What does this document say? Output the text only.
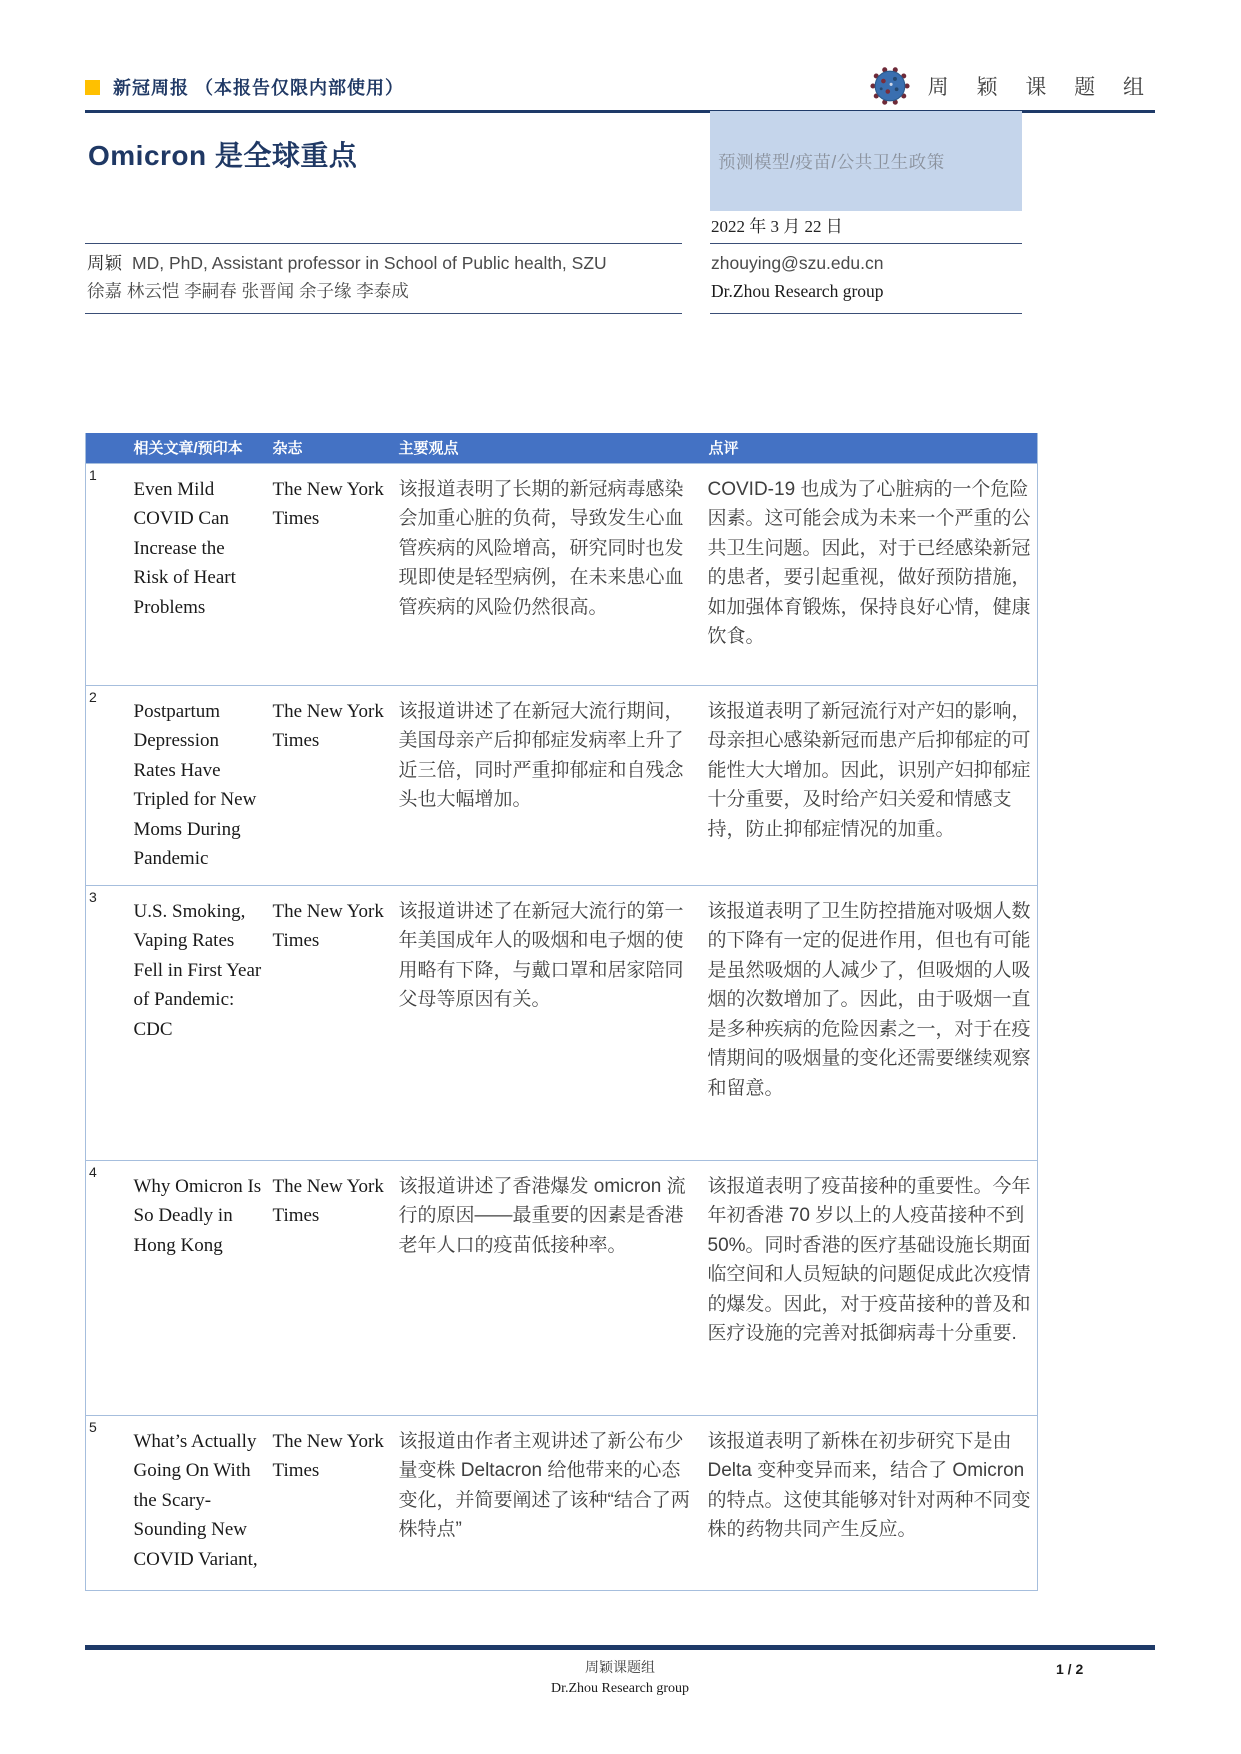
新冠周报 （本报告仅限内部使用）	周 颖 课 题 组
Omicron 是全球重点	预测模型/疫苗/公共卫生政策
2022 年 3 月 22 日
周颖 MD, PhD, Assistant professor in School of Public health, SZU
徐嘉 林云恺 李嗣春 张晋闻 余子缘 李泰成
zhouying@szu.edu.cn
Dr.Zhou Research group
	相关文章/预印本	杂志	主要观点	点评
1	Even Mild COVID Can Increase the Risk of Heart Problems	The New York Times	该报道表明了长期的新冠病毒感染会加重心脏的负荷，导致发生心血管疾病的风险增高，研究同时也发现即使是轻型病例，在未来患心血管疾病的风险仍然很高。	COVID-19 也成为了心脏病的一个危险因素。这可能会成为未来一个严重的公共卫生问题。因此，对于已经感染新冠的患者，要引起重视，做好预防措施，如加强体育锻炼，保持良好心情，健康饮食。
2	Postpartum Depression Rates Have Tripled for New Moms During Pandemic	The New York Times	该报道讲述了在新冠大流行期间，美国母亲产后抑郁症发病率上升了近三倍，同时严重抑郁症和自残念头也大幅增加。	该报道表明了新冠流行对产妇的影响，母亲担心感染新冠而患产后抑郁症的可能性大大增加。因此，识别产妇抑郁症十分重要，及时给产妇关爱和情感支持，防止抑郁症情况的加重。
3	U.S. Smoking, Vaping Rates Fell in First Year of Pandemic: CDC	The New York Times	该报道讲述了在新冠大流行的第一年美国成年人的吸烟和电子烟的使用略有下降，与戴口罩和居家陪同父母等原因有关。	该报道表明了卫生防控措施对吸烟人数的下降有一定的促进作用，但也有可能是虽然吸烟的人减少了，但吸烟的人吸烟的次数增加了。因此，由于吸烟一直是多种疾病的危险因素之一，对于在疫情期间的吸烟量的变化还需要继续观察和留意。
4	Why Omicron Is So Deadly in Hong Kong	The New York Times	该报道讲述了香港爆发 omicron 流行的原因——最重要的因素是香港老年人口的疫苗低接种率。	该报道表明了疫苗接种的重要性。今年年初香港 70 岁以上的人疫苗接种不到 50%。同时香港的医疗基础设施长期面临空间和人员短缺的问题促成此次疫情的爆发。因此，对于疫苗接种的普及和医疗设施的完善对抵御病毒十分重要.
5	What’s Actually Going On With the Scary-Sounding New COVID Variant,	The New York Times	该报道由作者主观讲述了新公布少量变株 Deltacron 给他带来的心态变化，并简要阐述了该种“结合了两株特点”	该报道表明了新株在初步研究下是由 Delta 变种变异而来，结合了 Omicron 的特点。这使其能够对针对两种不同变株的药物共同产生反应。
周颖课题组
Dr.Zhou Research group
1 / 2
